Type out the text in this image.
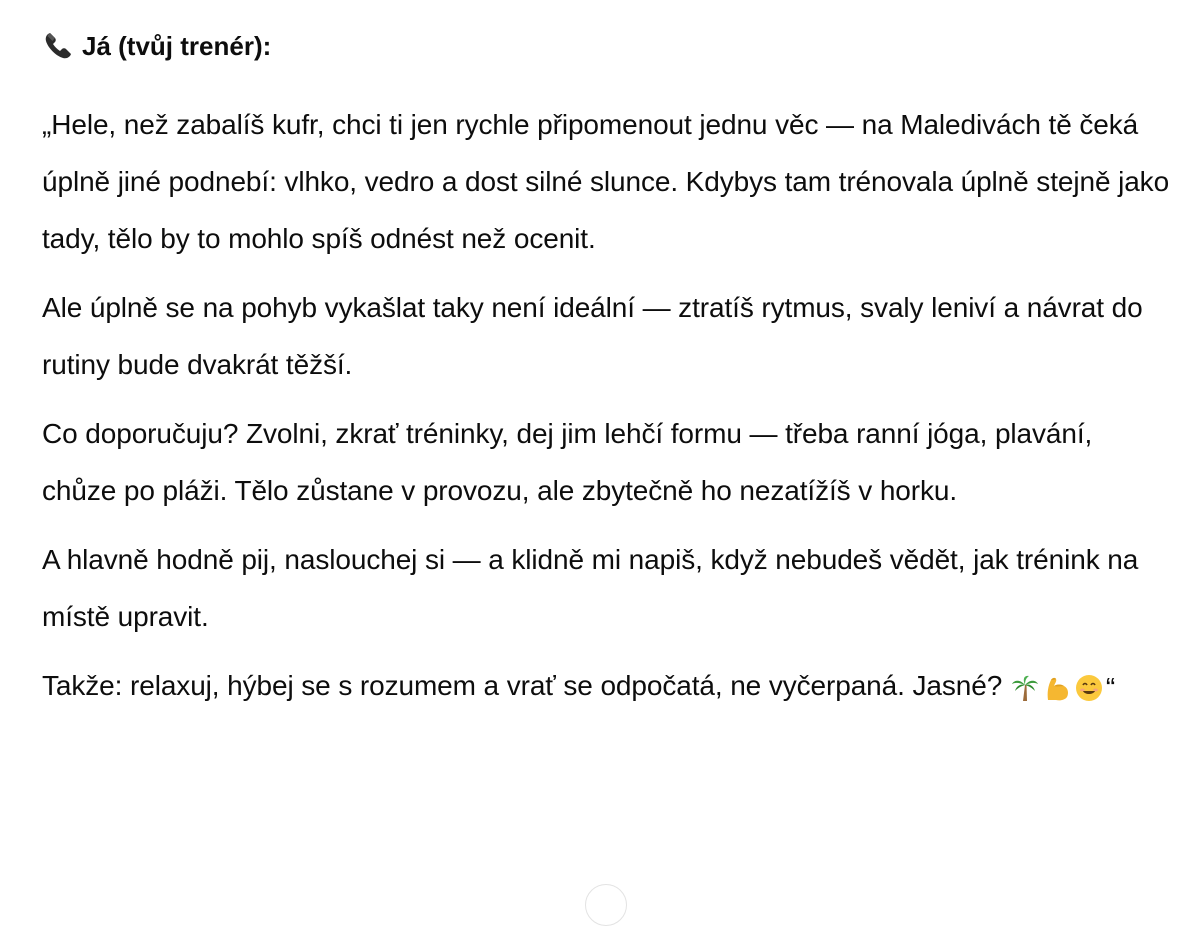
Já (tvůj trenér):

„Hele, než zabalíš kufr, chci ti jen rychle připomenout jednu věc — na Maledivách tě čeká úplně jiné podnebí: vlhko, vedro a dost silné slunce. Kdybys tam trénovala úplně stejně jako tady, tělo by to mohlo spíš odnést než ocenit.

Ale úplně se na pohyb vykašlat taky není ideální — ztratíš rytmus, svaly leniví a návrat do rutiny bude dvakrát těžší.

Co doporučuju? Zvolni, zkrať tréninky, dej jim lehčí formu — třeba ranní jóga, plavání, chůze po pláži. Tělo zůstane v provozu, ale zbytečně ho nezatížíš v horku.

A hlavně hodně pij, naslouchej si — a klidně mi napiš, když nebudeš vědět, jak trénink na místě upravit.

Takže: relaxuj, hýbej se s rozumem a vrať se odpočatá, ne vyčerpaná. Jasné?	“
